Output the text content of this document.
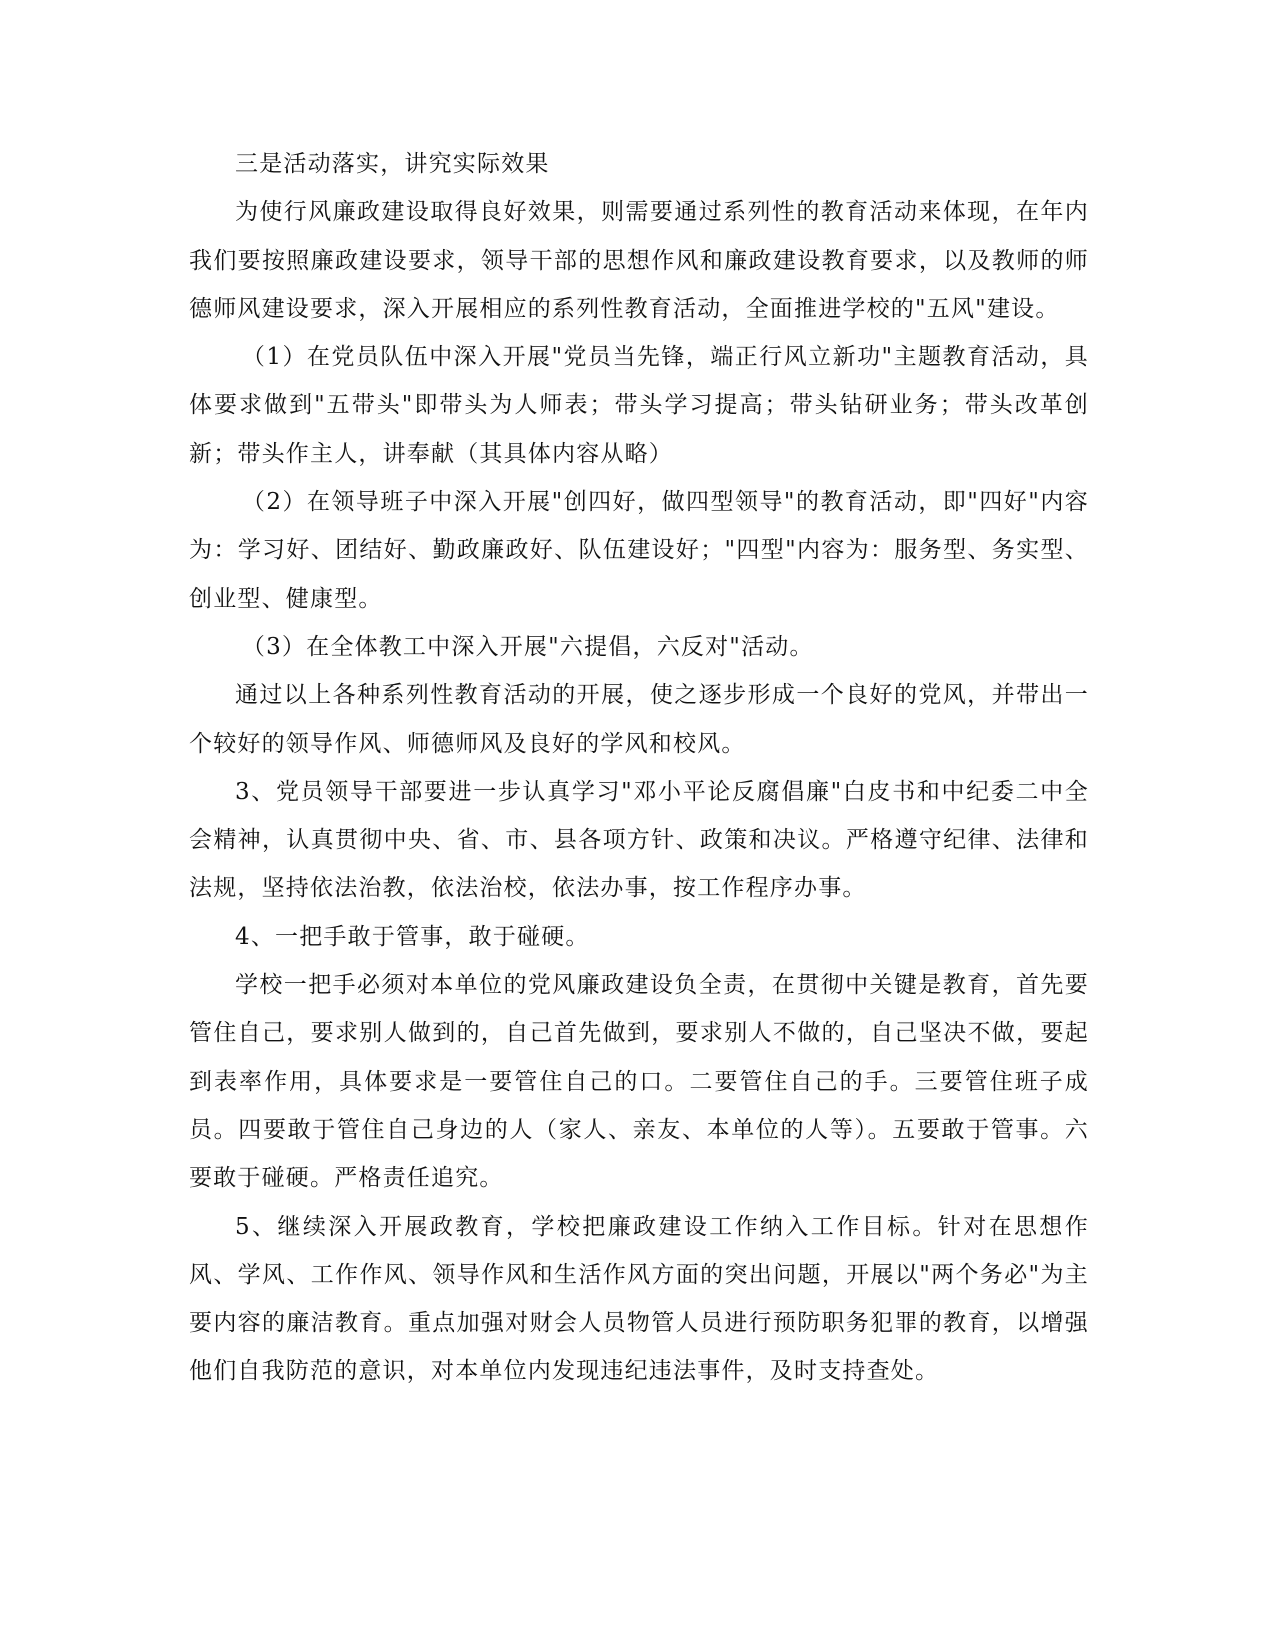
三是活动落实，讲究实际效果

为使行风廉政建设取得良好效果，则需要通过系列性的教育活动来体现，在年内我们要按照廉政建设要求，领导干部的思想作风和廉政建设教育要求，以及教师的师德师风建设要求，深入开展相应的系列性教育活动，全面推进学校的"五风"建设。

（1）在党员队伍中深入开展"党员当先锋，端正行风立新功"主题教育活动，具体要求做到"五带头"即带头为人师表；带头学习提高；带头钻研业务；带头改革创新；带头作主人，讲奉献（其具体内容从略）

（2）在领导班子中深入开展"创四好，做四型领导"的教育活动，即"四好"内容为：学习好、团结好、勤政廉政好、队伍建设好；"四型"内容为：服务型、务实型、创业型、健康型。

（3）在全体教工中深入开展"六提倡，六反对"活动。

通过以上各种系列性教育活动的开展，使之逐步形成一个良好的党风，并带出一个较好的领导作风、师德师风及良好的学风和校风。

3、党员领导干部要进一步认真学习"邓小平论反腐倡廉"白皮书和中纪委二中全会精神，认真贯彻中央、省、市、县各项方针、政策和决议。严格遵守纪律、法律和法规，坚持依法治教，依法治校，依法办事，按工作程序办事。

4、一把手敢于管事，敢于碰硬。

学校一把手必须对本单位的党风廉政建设负全责，在贯彻中关键是教育，首先要管住自己，要求别人做到的，自己首先做到，要求别人不做的，自己坚决不做，要起到表率作用，具体要求是一要管住自己的口。二要管住自己的手。三要管住班子成员。四要敢于管住自己身边的人（家人、亲友、本单位的人等）。五要敢于管事。六要敢于碰硬。严格责任追究。

5、继续深入开展政教育，学校把廉政建设工作纳入工作目标。针对在思想作风、学风、工作作风、领导作风和生活作风方面的突出问题，开展以"两个务必"为主要内容的廉洁教育。重点加强对财会人员物管人员进行预防职务犯罪的教育，以增强他们自我防范的意识，对本单位内发现违纪违法事件，及时支持查处。
